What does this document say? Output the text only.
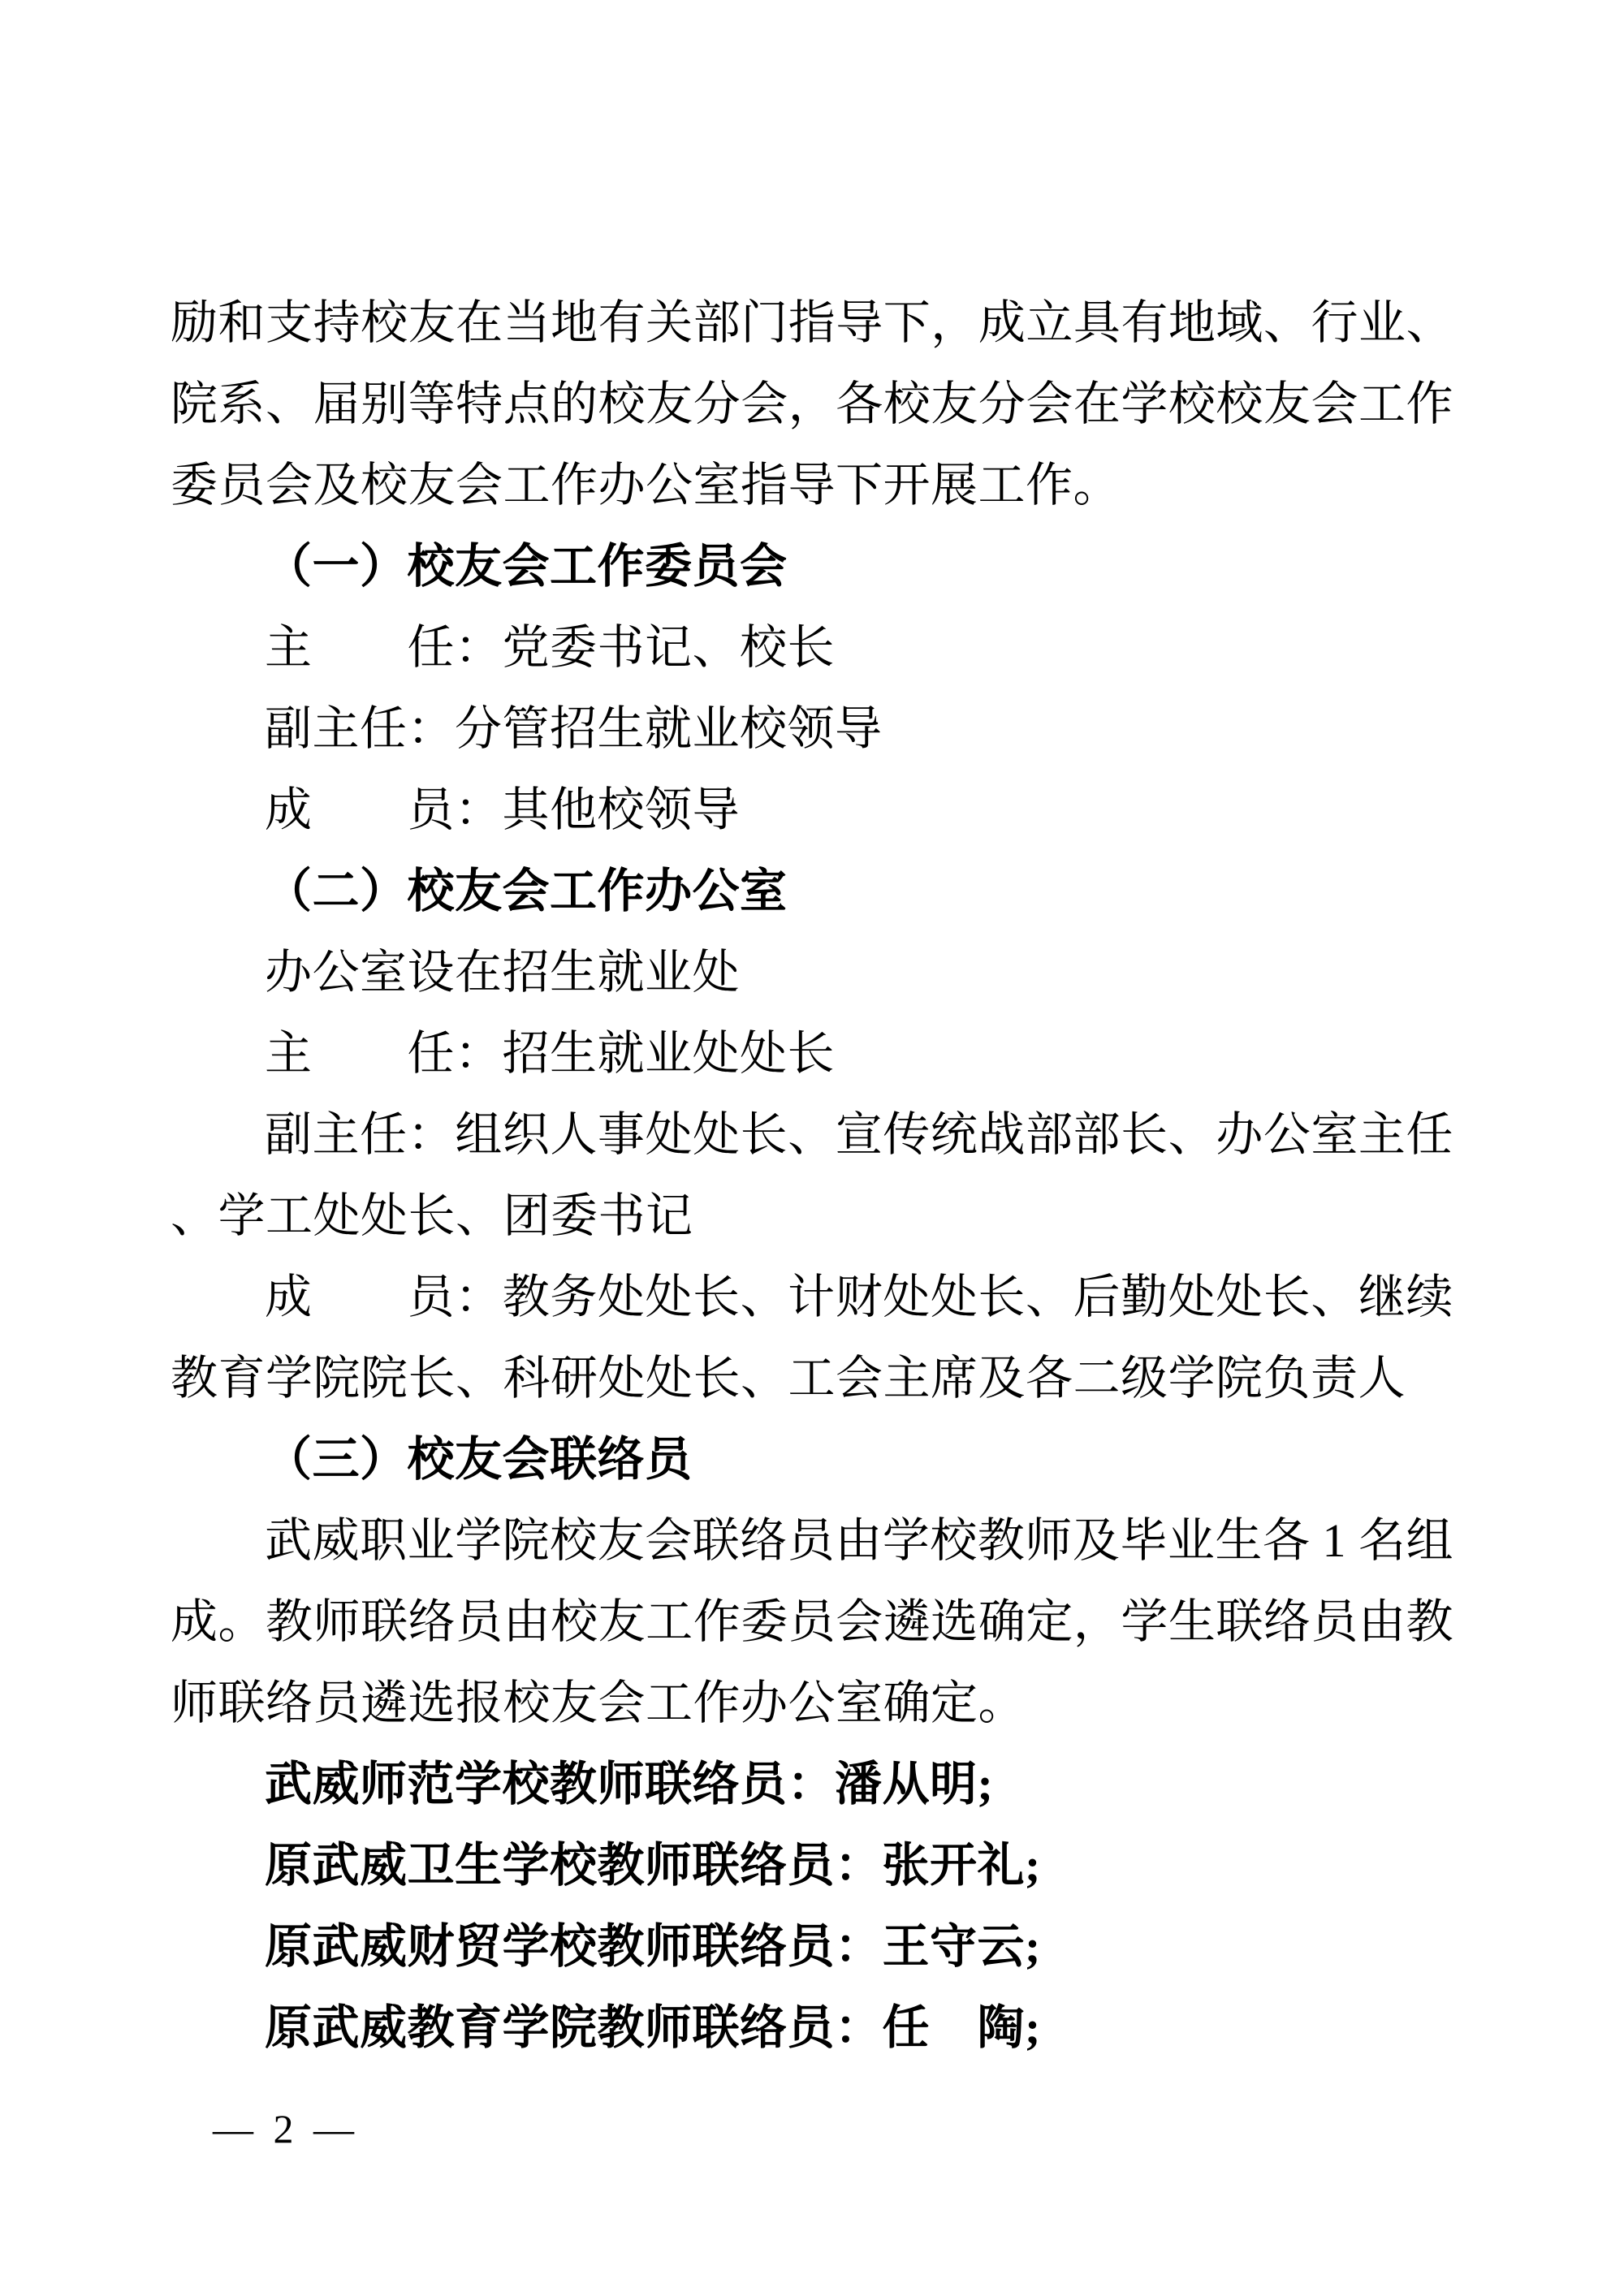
励和支持校友在当地有关部门指导下，成立具有地域、行业、院系、届别等特点的校友分会，各校友分会在学校校友会工作委员会及校友会工作办公室指导下开展工作。

（一）校友会工作委员会

主　　任：党委书记、校长

副主任：分管招生就业校领导

成　　员：其他校领导

（二）校友会工作办公室

办公室设在招生就业处

主　　任：招生就业处处长

副主任：组织人事处处长、宣传统战部部长、办公室主任、学工处处长、团委书记

成　　员：教务处处长、计财处处长、后勤处处长、继续教育学院院长、科研处处长、工会主席及各二级学院负责人

（三）校友会联络员

武威职业学院校友会联络员由学校教师及毕业生各 1 名组成。教师联络员由校友工作委员会遴选确定，学生联络员由教师联络员遴选报校友会工作办公室确定。

武威师范学校教师联络员：潘从明;

原武威卫生学校教师联络员：张开礼;

原武威财贸学校教师联络员：王守云;

原武威教育学院教师联络员：任　陶;

— 2 —
